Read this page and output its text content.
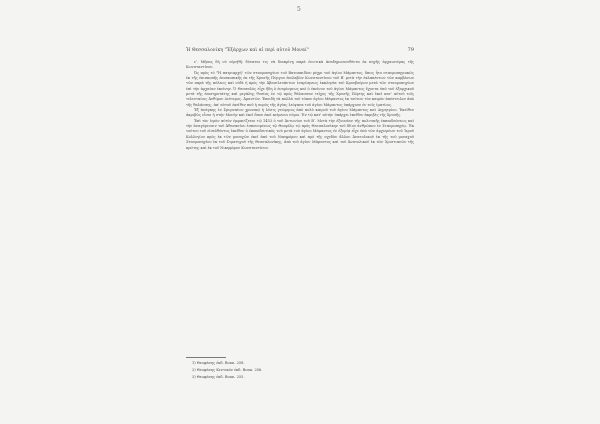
5
Ἡ Θεσσαλονίκη "Ἐξάρχων καὶ αἱ περὶ αὐτοῦ Μοναί"	79

εʹ. Μῆπος δὴ οὐ εὑρηθῆ: δύναται τις νὰ διακρίνῃ παρὰ ἐνωτικὰ ἀναδημοσιευθέντα ἐκ πηγῆς ἀρχαιοτέρας τῆς Κωνσταντίνου.

Ὡς πρὸς τὸ "Ἡ πατριαρχὴ" τῶν σταυροπηγίων τοῦ Βατοπαιδίου μέχρι τοῦ ἀγίου Μάμαντος, ὅπως ἦτο σταυροπηγιακῶς ἐκ τῆς ἐπισκοπῆς ἐπισκοπικῆς ἐκ τῆς Χρυσῆς Πύργου ἐπιλαβὼν Κωνσταντίνου τοῦ Βʹ μετὰ τὴν ἐκλαπέντων τῶν καμβάνων τῶν παρὰ τῆς πόλεως καὶ οὐδὲ ἡ πρὸς τὴν Ἀβασιλευάντων ἐναρίσμεως ἐκκλησία τοῦ Κρουβούρου μετὰ τῶν σταυροπηγίων ἐπὶ τὴν ἀρχαίαν ἐκείνην. Ὁ Θεσσαλὸς εἶχε ἤδη ὁ ἐναρίσμεως καὶ ὁ ἐκείνου τοῦ ἀγίου Μάμαντος ἔχοντα ὑπὸ τοῦ ἐξαρχικοῦ μετὰ τῆς ἐπισημοτάτης καὶ μεγάλης θυσίας ἐν τῷ πρὸς θάλασσαν τεῖχος τῆς Χρυσῆς Πόρτης καὶ ἐκεῖ κατ' αὐτοῦ τοῖς τελευταίοις Ἀνθίμου Δεύτερος. Ἀμαντῶν. Ἐπειδὴ τὰ πολλὰ τοῦ τόπου ἀγίου Μάμαντος ἐκ τούτων τὸν καιρὸν ἀπέστειλεν ἀπὸ τῆς θαλάσσης, ἀπ' αὐτοῦ ἐκεῖθεν ποῦ ἡ σορὸς τῆς ἀγίας λείψανα τοῦ ἁγίου Μάμαντος ὑπάρχουν ἐν τοῖς ἱματίοις.

Ἐξ ἀνάγκης ἐν Σμυρναίων χρονικῷ ἡ λύσις γνώριμος ἀπὸ πολὺ καιροῦ τοῦ ἀγίου Μάμαντος καὶ Δημητρίου. Ἐκεῖθεν ἀκριβῶς εἶναι ἡ στὴν Μονὴν καὶ ἐκεῖ ὅπου ἐκεῖ κείμενοι νόμοι. Ἐν τῷ κατ' αὐτὴν ὑπάρχει ἐκεῖθεν ἀκριβὲς τῆς Χρυσῆς.

Ἐπὶ τὸν ἱερὸν αὐτὸν ἐμφανίζεται τῷ 1453 ὁ τοῦ Ἀντωνίου τοῦ Βʹ. Μετὰ τὴν ἐξουσίαν τῆς πολιτικῆς ἐκπαιδεύσεως καὶ τὴν ἀναγόρευσιν τοῦ Ἀθανασίου ἐσπευσμένως τῷ Θεοφίλῳ τῷ πρὸς Θεσσαλονίκην τοῦ ἰδίου ἀνθρώπου ἐν Σταυροπηγίῳ. Ἐκ τούτου τοῦ εἰσελθόντος ἐκεῖθεν ὁ ἐκπαιδευτικὸς τοῦ μετὰ τοῦ ἁγίου Μάμαντος ἐν ἐξορίᾳ εἶχε ὑπὸ τῶν ἀρχιερέων τοῦ Ἱεροῦ Κολλεγίου πρὸς ἐκ τῶν μοναχῶν ἐκεῖ ἀπὸ τοῦ Νικηφόρου καὶ πρὸ τῆς σχεδὸν ἄλλου Ἀνατολικοῦ ἐκ τῆς τοῦ μοναχοῦ Σταυροπηγίου ἐκ τοῦ Στρατηγοῦ τῆς Θεσσαλονίκης, ἀπὸ τοῦ ἀγίου Μάμαντος καὶ τοῦ Ἀνατολικοῦ ἐκ τῶν Χριστιανῶν τῆς πρώτης καὶ ἐκ τοῦ Νικηφόρου Κωνσταντίνου.

1) Θεοφάνης ἐκδ. Bonn. 258.
2) Θεοφάνης Κεντικόν ἐκδ. Bonn. 256.
3) Θεοφάνης ἐκδ. Bonn. 255.
